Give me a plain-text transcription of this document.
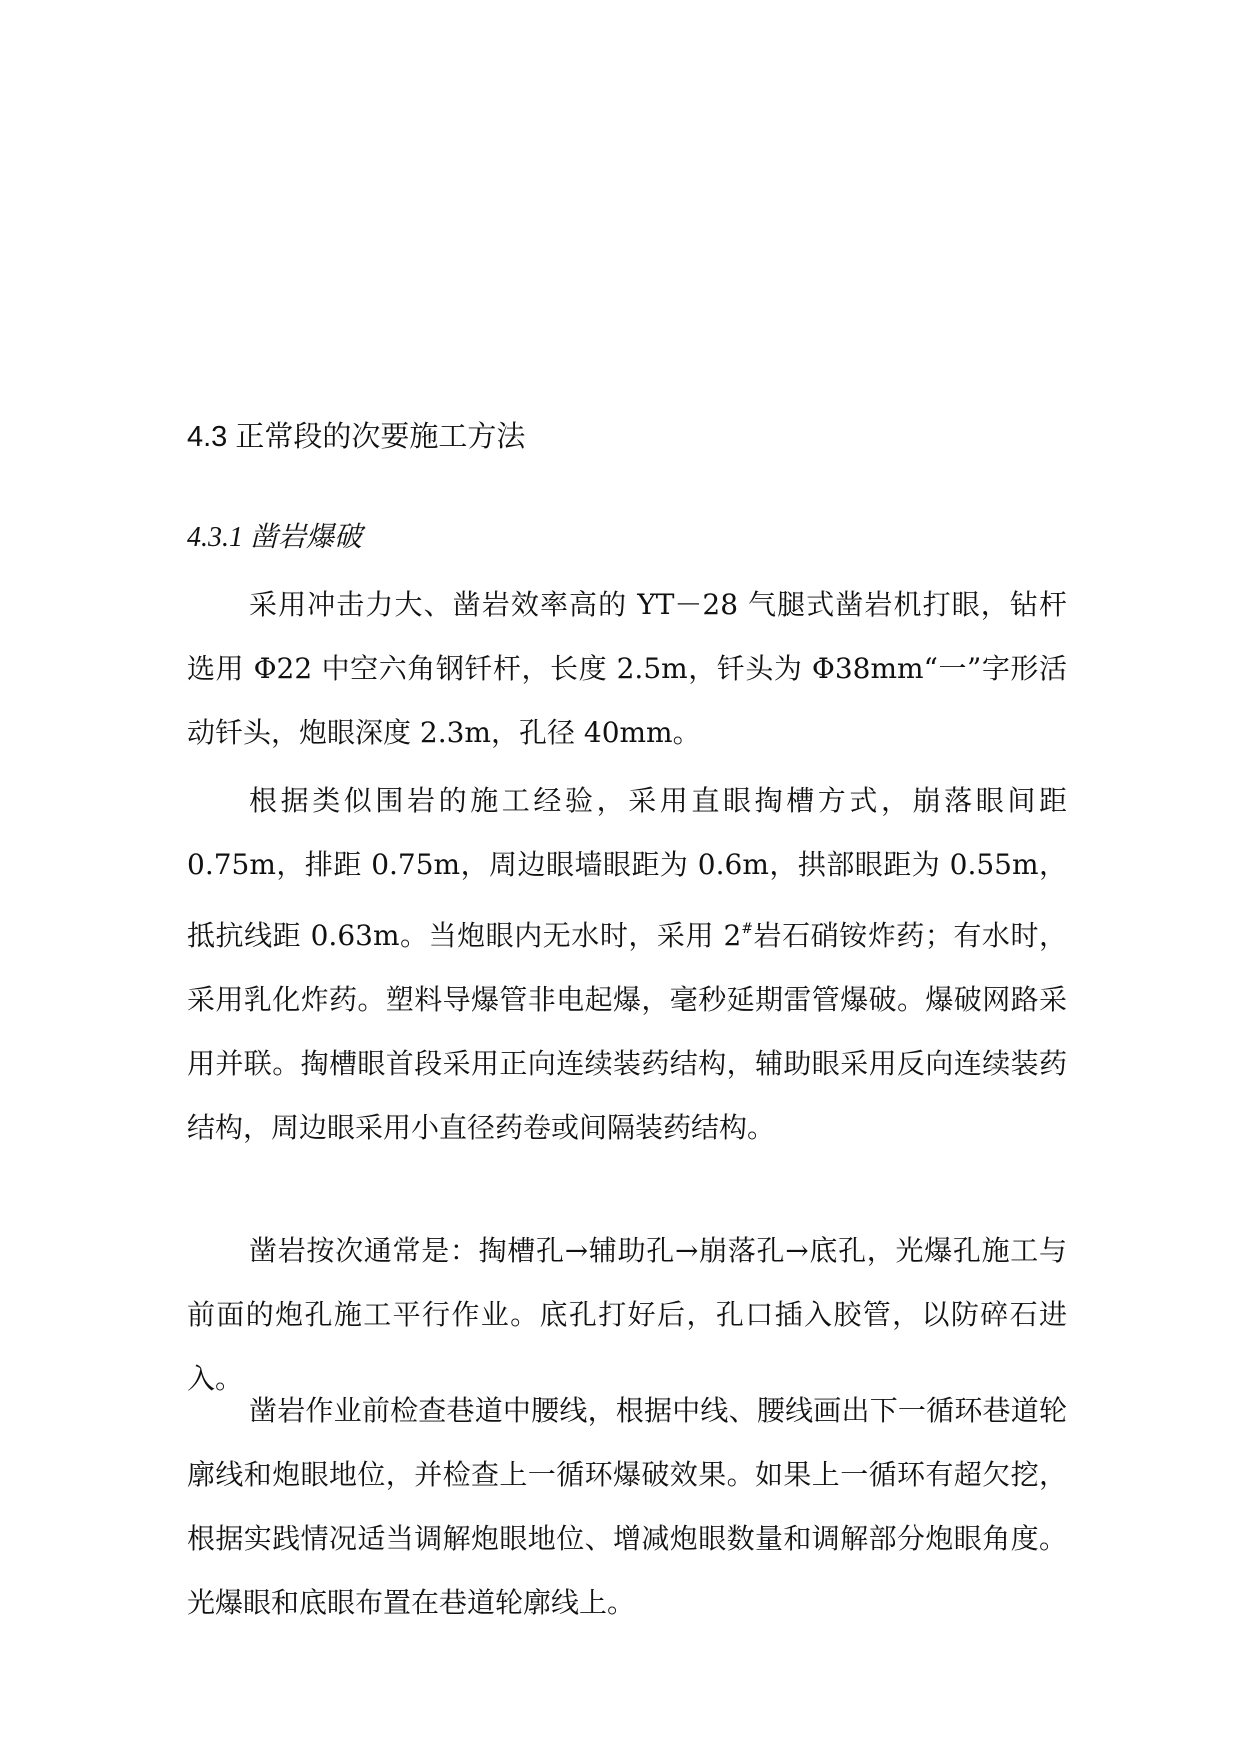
4.3 正常段的次要施工方法
4.3.1 凿岩爆破

采用冲击力大、凿岩效率高的 YT－28 气腿式凿岩机打眼，钻杆选用 Φ22 中空六角钢钎杆，长度 2.5m，钎头为 Φ38mm“一”字形活动钎头，炮眼深度 2.3m，孔径 40mm。

根据类似围岩的施工经验，采用直眼掏槽方式，崩落眼间距 0.75m，排距 0.75m，周边眼墙眼距为 0.6m，拱部眼距为 0.55m，抵抗线距 0.63m。当炮眼内无水时，采用 2#岩石硝铵炸药；有水时，采用乳化炸药。塑料导爆管非电起爆，毫秒延期雷管爆破。爆破网路采用并联。掏槽眼首段采用正向连续装药结构，辅助眼采用反向连续装药结构，周边眼采用小直径药卷或间隔装药结构。

凿岩按次通常是：掏槽孔→辅助孔→崩落孔→底孔，光爆孔施工与前面的炮孔施工平行作业。底孔打好后，孔口插入胶管，以防碎石进入。

凿岩作业前检查巷道中腰线，根据中线、腰线画出下一循环巷道轮廓线和炮眼地位，并检查上一循环爆破效果。如果上一循环有超欠挖，根据实践情况适当调解炮眼地位、增减炮眼数量和调解部分炮眼角度。光爆眼和底眼布置在巷道轮廓线上。
